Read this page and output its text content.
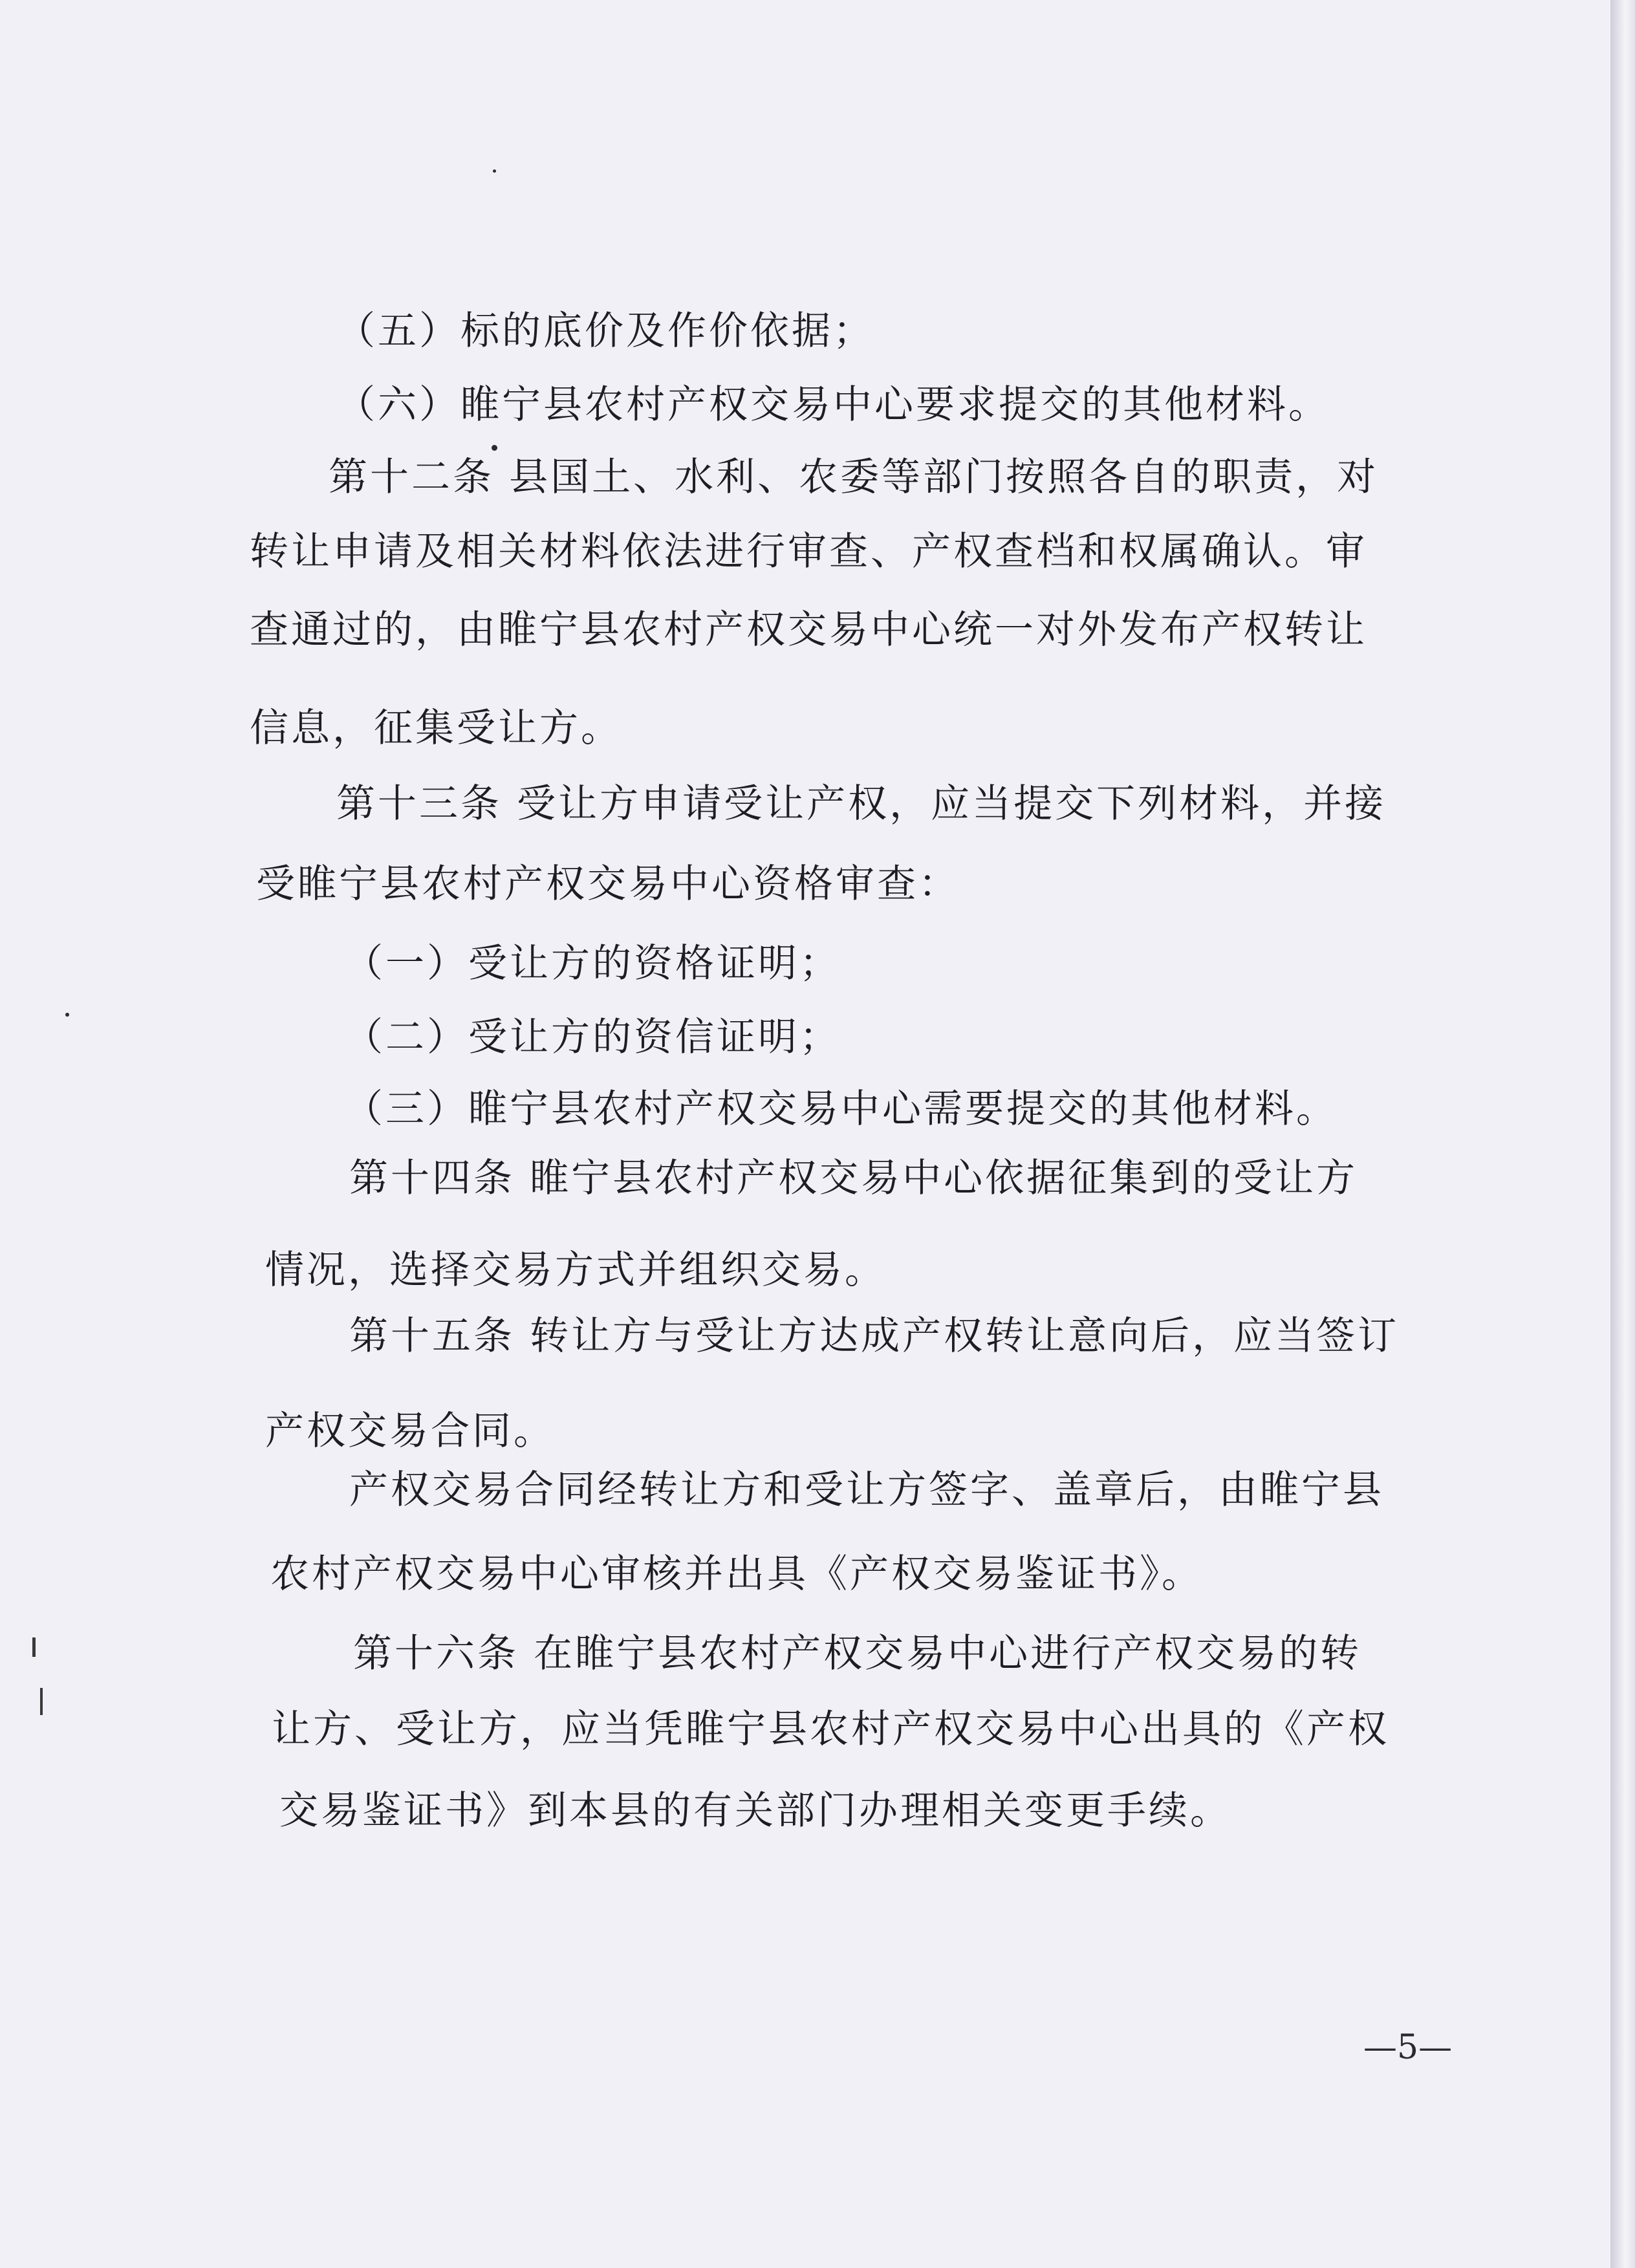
（五）标的底价及作价依据；
（六）睢宁县农村产权交易中心要求提交的其他材料。
第十二条 县国土、水利、农委等部门按照各自的职责，对
转让申请及相关材料依法进行审查、产权查档和权属确认。审
查通过的，由睢宁县农村产权交易中心统一对外发布产权转让
信息，征集受让方。
第十三条 受让方申请受让产权，应当提交下列材料，并接
受睢宁县农村产权交易中心资格审查：
（一）受让方的资格证明；
（二）受让方的资信证明；
（三）睢宁县农村产权交易中心需要提交的其他材料。
第十四条 睢宁县农村产权交易中心依据征集到的受让方
情况，选择交易方式并组织交易。
第十五条 转让方与受让方达成产权转让意向后，应当签订
产权交易合同。
产权交易合同经转让方和受让方签字、盖章后，由睢宁县
农村产权交易中心审核并出具《产权交易鉴证书》。
第十六条 在睢宁县农村产权交易中心进行产权交易的转
让方、受让方，应当凭睢宁县农村产权交易中心出具的《产权
交易鉴证书》到本县的有关部门办理相关变更手续。
—5—
